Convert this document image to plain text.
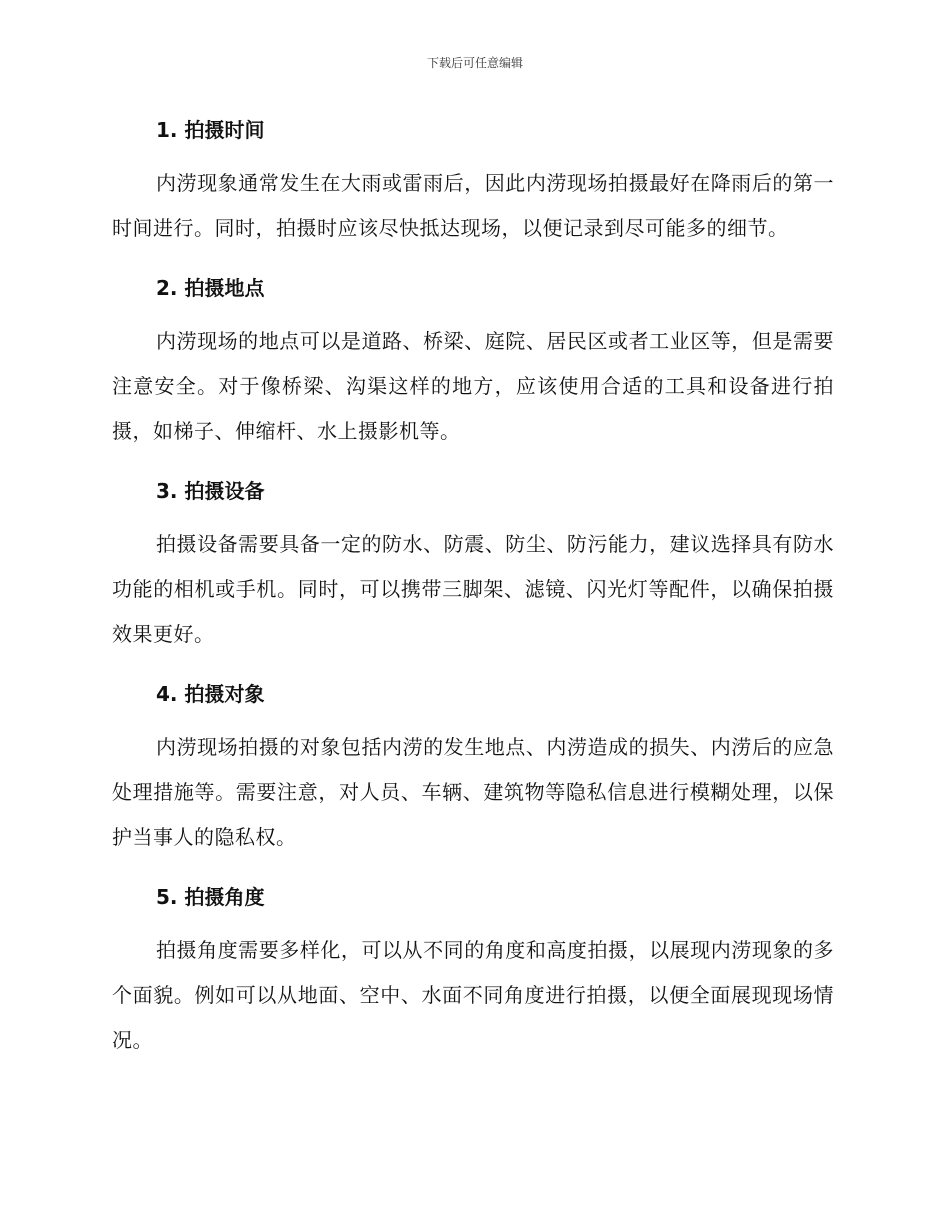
下载后可任意编辑
1. 拍摄时间

内涝现象通常发生在大雨或雷雨后，因此内涝现场拍摄最好在降雨后的第一时间进行。同时，拍摄时应该尽快抵达现场，以便记录到尽可能多的细节。

2. 拍摄地点

内涝现场的地点可以是道路、桥梁、庭院、居民区或者工业区等，但是需要注意安全。对于像桥梁、沟渠这样的地方，应该使用合适的工具和设备进行拍摄，如梯子、伸缩杆、水上摄影机等。

3. 拍摄设备

拍摄设备需要具备一定的防水、防震、防尘、防污能力，建议选择具有防水功能的相机或手机。同时，可以携带三脚架、滤镜、闪光灯等配件，以确保拍摄效果更好。

4. 拍摄对象

内涝现场拍摄的对象包括内涝的发生地点、内涝造成的损失、内涝后的应急处理措施等。需要注意，对人员、车辆、建筑物等隐私信息进行模糊处理，以保护当事人的隐私权。

5. 拍摄角度

拍摄角度需要多样化，可以从不同的角度和高度拍摄，以展现内涝现象的多个面貌。例如可以从地面、空中、水面不同角度进行拍摄，以便全面展现现场情况。
